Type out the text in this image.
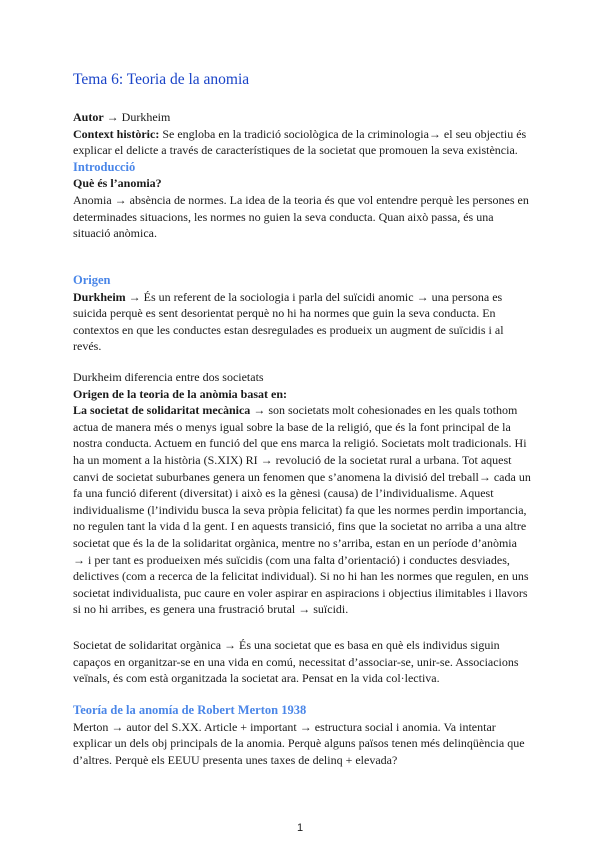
Tema 6: Teoria de la anomia

Autor → Durkheim

Context històric: Se engloba en la tradició sociològica de la criminologia→ el seu objectiu és explicar el delicte a través de característiques de la societat que promouen la seva existència.

Introducció

Què és l’anomia?

Anomia → absència de normes. La idea de la teoria és que vol entendre perquè les persones en determinades situacions, les normes no guien la seva conducta. Quan això passa, és una situació anòmica.

Origen

Durkheim → És un referent de la sociologia i parla del suïcidi anomic → una persona es suicida perquè es sent desorientat perquè no hi ha normes que guin la seva conducta. En contextos en que les conductes estan desregulades es produeix un augment de suïcidis i al revés.

Durkheim diferencia entre dos societats

Origen de la teoria de la anòmia basat en:

La societat de solidaritat mecànica → son societats molt cohesionades en les quals tothom actua de manera més o menys igual sobre la base de la religió, que és la font principal de la nostra conducta. Actuem en funció del que ens marca la religió. Societats molt tradicionals. Hi ha un moment a la història (S.XIX) RI → revolució de la societat rural a urbana. Tot aquest canvi de societat suburbanes genera un fenomen que s’anomena la divisió del treball→ cada un fa una funció diferent (diversitat) i això es la gènesi (causa) de l’individualisme. Aquest individualisme (l’individu busca la seva pròpia felicitat) fa que les normes perdin importancia, no regulen tant la vida d la gent. I en aquests transició, fins que la societat no arriba a una altre societat que és la de la solidaritat orgànica, mentre no s’arriba, estan en un període d’anòmia → i per tant es produeixen més suïcidis (com una falta d’orientació) i conductes desviades, delictives (com a recerca de la felicitat individual). Si no hi han les normes que regulen, en uns societat individualista, puc caure en voler aspirar en aspiracions i objectius ilimitables i llavors si no hi arribes, es genera una frustració brutal → suïcidi.

Societat de solidaritat orgànica → És una societat que es basa en què els individus siguin capaços en organitzar-se en una vida en comú, necessitat d’associar-se, unir-se. Associacions veïnals, és com està organitzada la societat ara. Pensat en la vida col·lectiva.

Teoría de la anomía de Robert Merton 1938

Merton → autor del S.XX. Article + important → estructura social i anomia. Va intentar explicar un dels obj principals de la anomia. Perquè alguns països tenen més delinqüència que d’altres. Perquè els EEUU presenta unes taxes de delinq + elevada?

1
